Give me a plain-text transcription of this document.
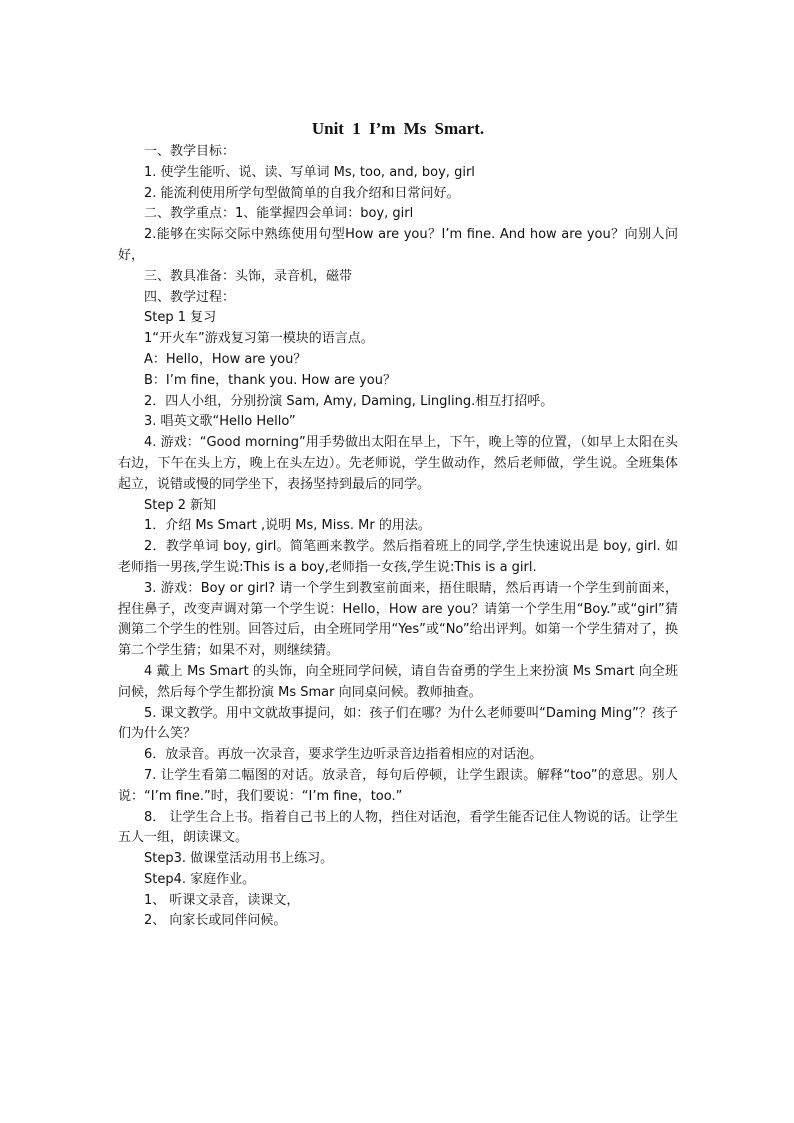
Unit 1 I’m Ms Smart.

一、教学目标：

1. 使学生能听、说、读、写单词 Ms, too, and, boy, girl

2. 能流利使用所学句型做简单的自我介绍和日常问好。

二、教学重点：1、能掌握四会单词：boy, girl

2.能够在实际交际中熟练使用句型How are you？I’m fine. And how are you？向别人问好，

三、教具准备：头饰，录音机，磁带

四、教学过程：

Step 1 复习

1“开火车”游戏复习第一模块的语言点。

A：Hello，How are you？

B：I’m fine，thank you. How are you？

2．四人小组，分别扮演 Sam, Amy, Daming, Lingling.相互打招呼。

3. 唱英文歌“Hello Hello”

4. 游戏：“Good morning”用手势做出太阳在早上，下午，晚上等的位置，（如早上太阳在头右边，下午在头上方，晚上在头左边）。先老师说，学生做动作，然后老师做，学生说。全班集体起立，说错或慢的同学坐下，表扬坚持到最后的同学。

Step 2 新知

1．介绍 Ms Smart ,说明 Ms, Miss. Mr 的用法。

2．教学单词 boy, girl。简笔画来教学。然后指着班上的同学,学生快速说出是 boy, girl. 如老师指一男孩,学生说:This is a boy,老师指一女孩,学生说:This is a girl.

3. 游戏：Boy or girl? 请一个学生到教室前面来，捂住眼睛，然后再请一个学生到前面来，捏住鼻子，改变声调对第一个学生说：Hello，How are you？请第一个学生用“Boy.”或“girl”猜测第二个学生的性别。回答过后，由全班同学用“Yes”或“No”给出评判。如第一个学生猜对了，换第二个学生猜；如果不对，则继续猜。

4 戴上 Ms Smart 的头饰，向全班同学问候，请自告奋勇的学生上来扮演 Ms Smart 向全班问候，然后每个学生都扮演 Ms Smar 向同桌问候。教师抽查。

5. 课文教学。用中文就故事提问，如：孩子们在哪？为什么老师要叫“Daming Ming”？孩子们为什么笑？

6．放录音。再放一次录音，要求学生边听录音边指着相应的对话泡。

7. 让学生看第二幅图的对话。放录音，每句后停顿，让学生跟读。解释“too”的意思。别人说：“I’m fine.”时，我们要说：“I’m fine，too.”

8． 让学生合上书。指着自己书上的人物，挡住对话泡，看学生能否记住人物说的话。让学生五人一组，朗读课文。

Step3. 做课堂活动用书上练习。

Step4. 家庭作业。

1、 听课文录音，读课文，

2、 向家长或同伴问候。
